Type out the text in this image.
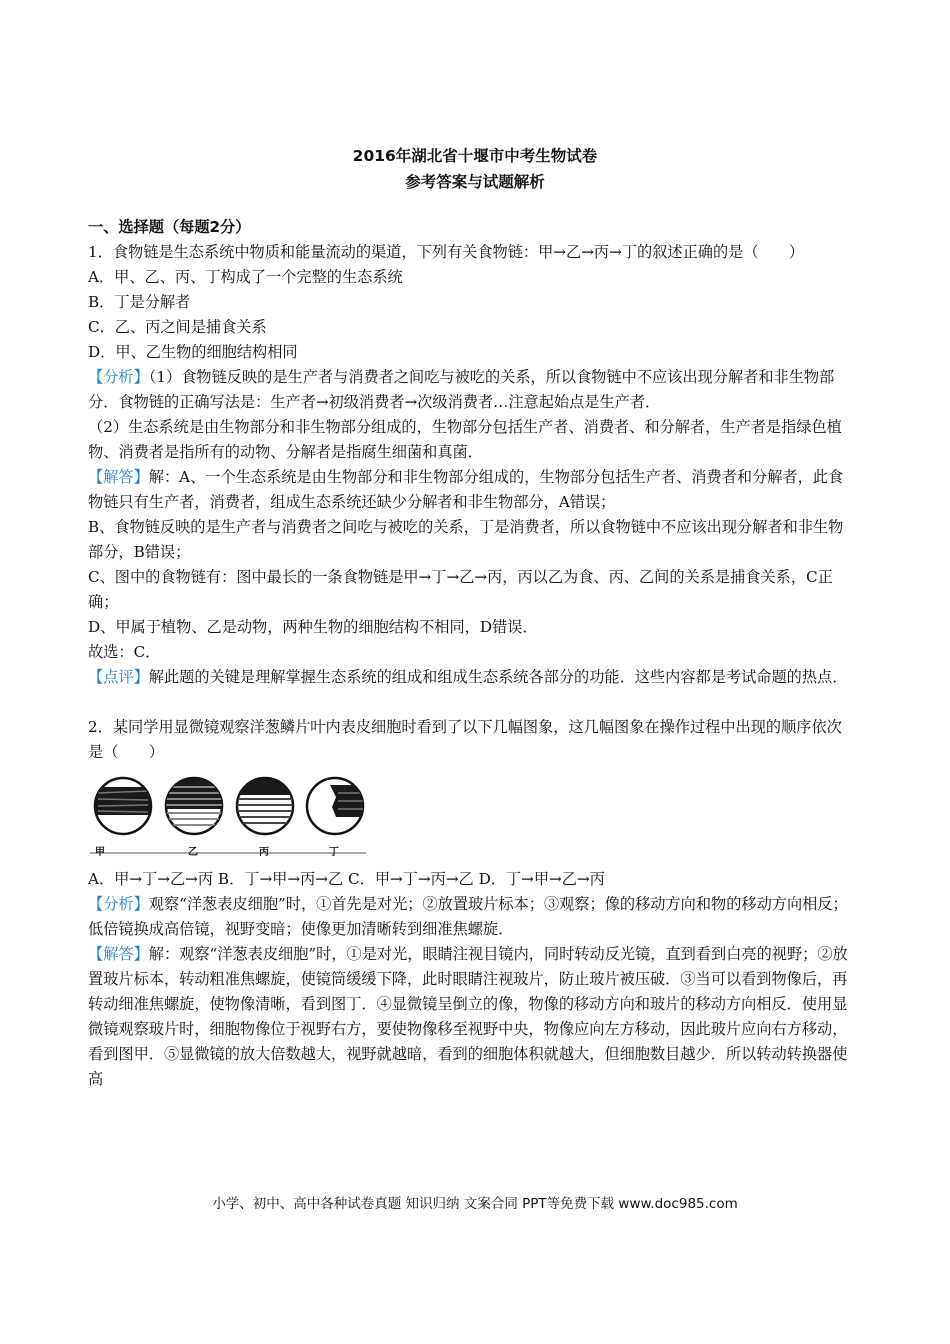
2016年湖北省十堰市中考生物试卷
参考答案与试题解析

一、选择题（每题2分）

1．食物链是生态系统中物质和能量流动的渠道，下列有关食物链：甲→乙→丙→丁的叙述正确的是（　　）

A．甲、乙、丙、丁构成了一个完整的生态系统

B．丁是分解者

C．乙、丙之间是捕食关系

D．甲、乙生物的细胞结构相同

【分析】（1）食物链反映的是生产者与消费者之间吃与被吃的关系，所以食物链中不应该出现分解者和非生物部分．食物链的正确写法是：生产者→初级消费者→次级消费者…注意起始点是生产者．

（2）生态系统是由生物部分和非生物部分组成的，生物部分包括生产者、消费者、和分解者，生产者是指绿色植物、消费者是指所有的动物、分解者是指腐生细菌和真菌．

【解答】解：A、一个生态系统是由生物部分和非生物部分组成的，生物部分包括生产者、消费者和分解者，此食物链只有生产者，消费者，组成生态系统还缺少分解者和非生物部分，A错误；

B、食物链反映的是生产者与消费者之间吃与被吃的关系，丁是消费者，所以食物链中不应该出现分解者和非生物部分，B错误；

C、图中的食物链有：图中最长的一条食物链是甲→丁→乙→丙，丙以乙为食、丙、乙间的关系是捕食关系，C正确；

D、甲属于植物、乙是动物，两种生物的细胞结构不相同，D错误．

故选：C．

【点评】解此题的关键是理解掌握生态系统的组成和组成生态系统各部分的功能．这些内容都是考试命题的热点．

2．某同学用显微镜观察洋葱鳞片叶内表皮细胞时看到了以下几幅图象，这几幅图象在操作过程中出现的顺序依次是（　　）

甲	乙	丙	丁

A．甲→丁→乙→丙 B．丁→甲→丙→乙 C．甲→丁→丙→乙 D．丁→甲→乙→丙

【分析】观察“洋葱表皮细胞”时，①首先是对光；②放置玻片标本；③观察；像的移动方向和物的移动方向相反；低倍镜换成高倍镜，视野变暗；使像更加清晰转到细准焦螺旋．

【解答】解：观察“洋葱表皮细胞”时，①是对光，眼睛注视目镜内，同时转动反光镜，直到看到白亮的视野；②放置玻片标本，转动粗准焦螺旋，使镜筒缓缓下降，此时眼睛注视玻片，防止玻片被压破．③当可以看到物像后，再转动细准焦螺旋，使物像清晰，看到图丁．④显微镜呈倒立的像，物像的移动方向和玻片的移动方向相反．使用显微镜观察玻片时，细胞物像位于视野右方，要使物像移至视野中央，物像应向左方移动，因此玻片应向右方移动，看到图甲．⑤显微镜的放大倍数越大，视野就越暗，看到的细胞体积就越大，但细胞数目越少．所以转动转换器使高

小学、初中、高中各种试卷真题 知识归纳 文案合同 PPT等免费下载 www.doc985.com
